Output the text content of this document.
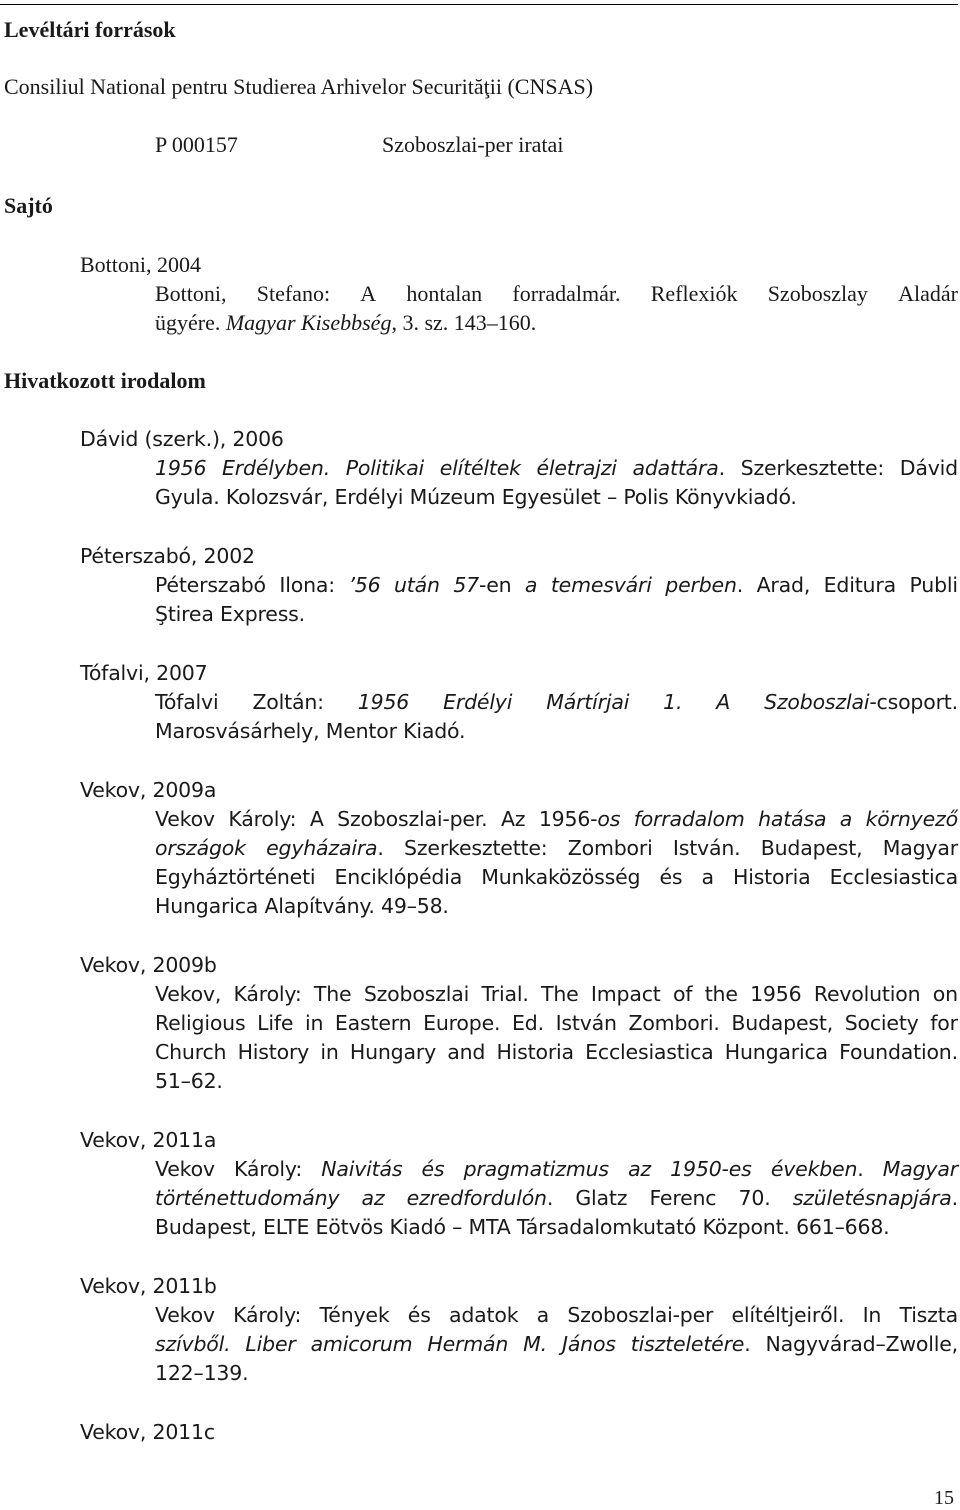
Levéltári források
Consiliul National pentru Studierea Arhivelor Securităţii (CNSAS)
P 000157	Szoboszlai-per iratai
Sajtó
Bottoni, 2004
Bottoni, Stefano: A hontalan forradalmár. Reflexiók Szoboszlay Aladár
ügyére. Magyar Kisebbség, 3. sz. 143–160.
Hivatkozott irodalom
Dávid (szerk.), 2006
1956 Erdélyben. Politikai elítéltek életrajzi adattára. Szerkesztette: Dávid
Gyula. Kolozsvár, Erdélyi Múzeum Egyesület – Polis Könyvkiadó.
Péterszabó, 2002
Péterszabó Ilona: ’56 után 57-en a temesvári perben. Arad, Editura Publi
Ştirea Express.
Tófalvi, 2007
Tófalvi Zoltán: 1956 Erdélyi Mártírjai 1. A Szoboszlai-csoport.
Marosvásárhely, Mentor Kiadó.
Vekov, 2009a
Vekov Károly: A Szoboszlai-per. Az 1956-os forradalom hatása a környező
országok egyházaira. Szerkesztette: Zombori István. Budapest, Magyar
Egyháztörténeti Enciklópédia Munkaközösség és a Historia Ecclesiastica
Hungarica Alapítvány. 49–58.
Vekov, 2009b
Vekov, Károly: The Szoboszlai Trial. The Impact of the 1956 Revolution on
Religious Life in Eastern Europe. Ed. István Zombori. Budapest, Society for
Church History in Hungary and Historia Ecclesiastica Hungarica Foundation.
51–62.
Vekov, 2011a
Vekov Károly: Naivitás és pragmatizmus az 1950-es években. Magyar
történettudomány az ezredfordulón. Glatz Ferenc 70. születésnapjára.
Budapest, ELTE Eötvös Kiadó – MTA Társadalomkutató Központ. 661–668.
Vekov, 2011b
Vekov Károly: Tények és adatok a Szoboszlai-per elítéltjeiről. In Tiszta
szívből. Liber amicorum Hermán M. János tiszteletére. Nagyvárad–Zwolle,
122–139.
Vekov, 2011c
15
